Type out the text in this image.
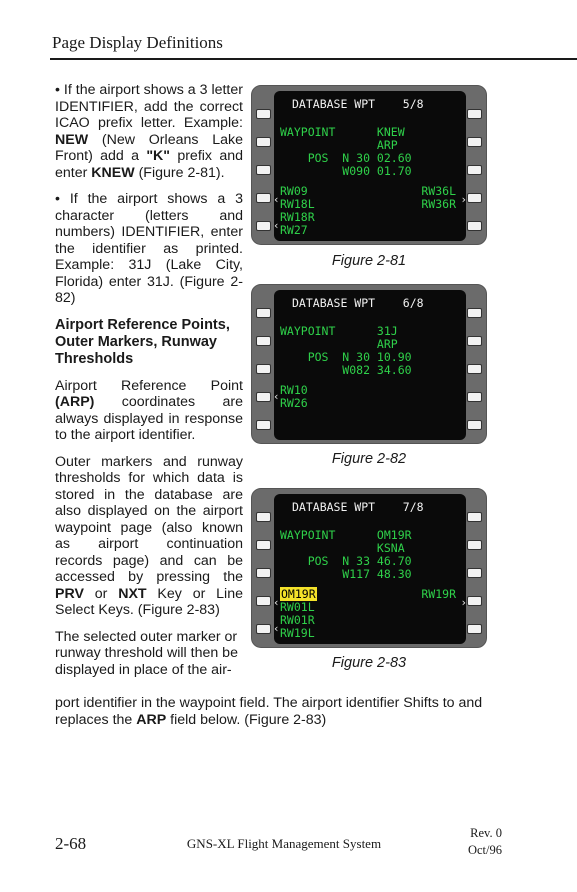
Page Display Definitions

• If the airport shows a 3 letter IDENTIFIER, add the correct ICAO prefix letter. Example: NEW (New Orleans Lake Front) add a "K" prefix and enter KNEW (Figure 2-81).

• If the airport shows a 3 character (letters and numbers) IDENTIFIER, enter the identifier as printed. Example: 31J (Lake City, Florida) enter 31J. (Figure 2-82)

Airport Reference Points, Outer Markers, Runway Thresholds

Airport Reference Point (ARP) coordinates are always displayed in response to the airport identifier.

Outer markers and runway thresholds for which data is stored in the database are also displayed on the airport waypoint page (also known as airport continuation records page) and can be accessed by pressing the PRV or NXT Key or Line Select Keys. (Figure 2-83)

The selected outer marker or runway threshold will then be displayed in place of the air-

port identifier in the waypoint field. The airport identifier Shifts to and replaces the ARP field below. (Figure 2-83)
DATABASE WPT    5/8
WAYPOINT      KNEW
ARP
POS  N 30 02.60
W090 01.70
RW09
RW18L
RW18R
RW27
RW36L
RW36R
‹	›
‹
Figure 2-81
DATABASE WPT    6/8
WAYPOINT      31J
ARP
POS  N 30 10.90
W082 34.60
RW10
RW26
‹
Figure 2-82
DATABASE WPT    7/8
WAYPOINT      OM19R
KSNA
POS  N 33 46.70
W117 48.30
OM19R
RW01L
RW01R
RW19L
RW19R
‹	›
‹
Figure 2-83
2-68	GNS-XL Flight Management System
Rev. 0
Oct/96
